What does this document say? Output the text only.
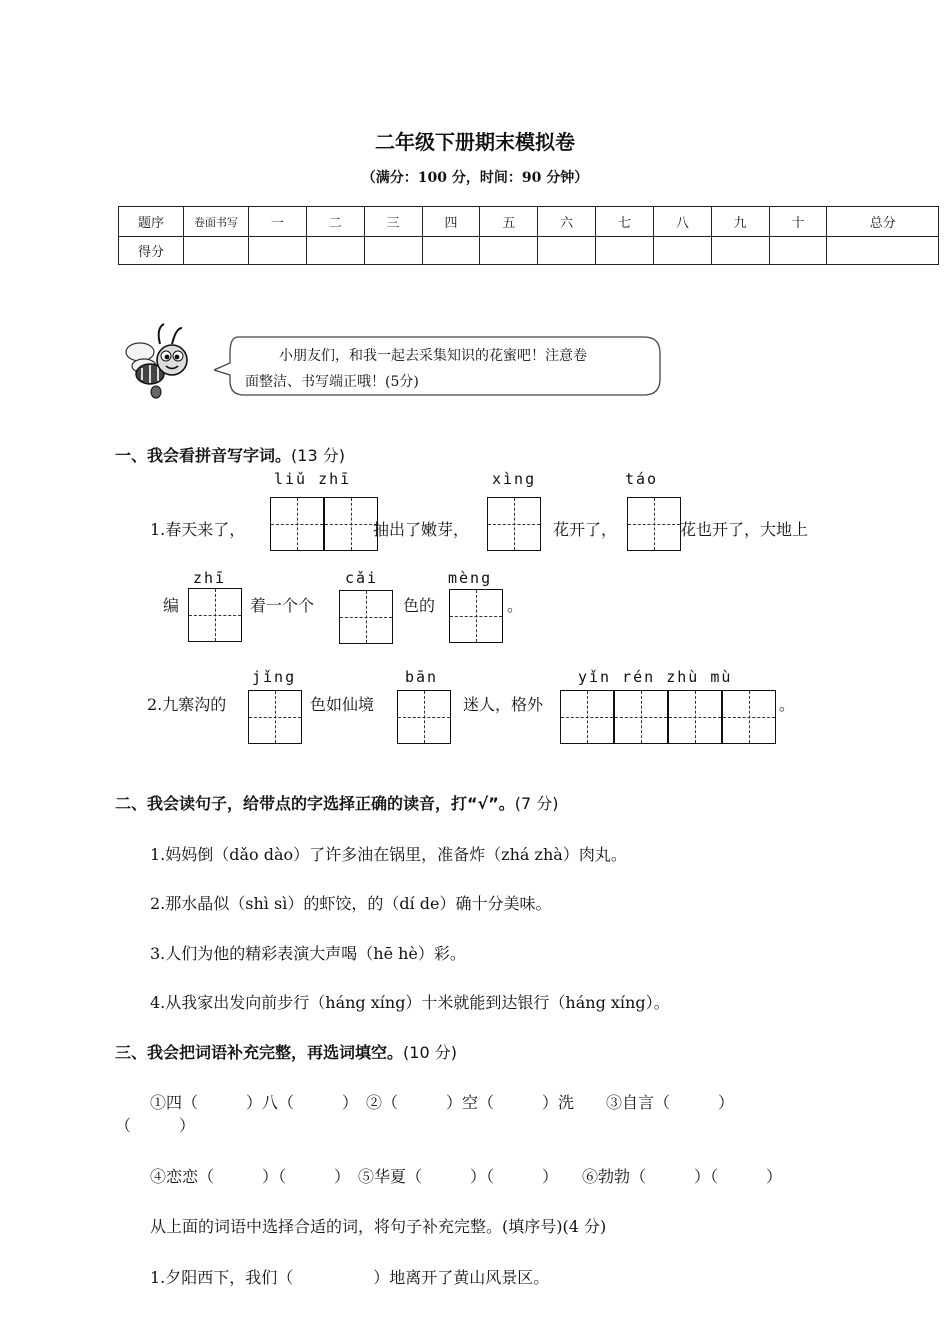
二年级下册期末模拟卷
（满分：100 分，时间：90 分钟）
题序	卷面书写	一	二	三	四	五	六	七	八	九	十	总分
得分												
小朋友们，和我一起去采集知识的花蜜吧！注意卷
面整洁、书写端正哦！(5分)
一、我会看拼音写字词。(13 分)
liǔ zhī	xìng	táo
1.春天来了，	抽出了嫩芽，	花开了，	花也开了，大地上
zhī	cǎi	mèng
编	着一个个	色的	。
jǐng	bān	yǐn rén zhù mù
2.九寨沟的	色如仙境	迷人，格外	。
二、我会读句子，给带点的字选择正确的读音，打“√”。(7 分)
1.妈妈倒（dǎo dào）了许多油在锅里，准备炸（zhá zhà）肉丸。
2.那水晶似（shì sì）的虾饺，的（dí de）确十分美味。
3.人们为他的精彩表演大声喝（hē hè）彩。
4.从我家出发向前步行（háng xíng）十米就能到达银行（háng xíng）。
三、我会把词语补充完整，再选词填空。(10 分)
①四（　　　）八（　　　）　②（　　　）空（　　　）洗　　③自言（　　　）
（　　　）
④恋恋（　　　）（　　　）　⑤华夏（　　　）（　　　）　　⑥勃勃（　　　）（　　　）
从上面的词语中选择合适的词，将句子补充完整。(填序号)(4 分)
1.夕阳西下，我们（　　　　　）地离开了黄山风景区。
